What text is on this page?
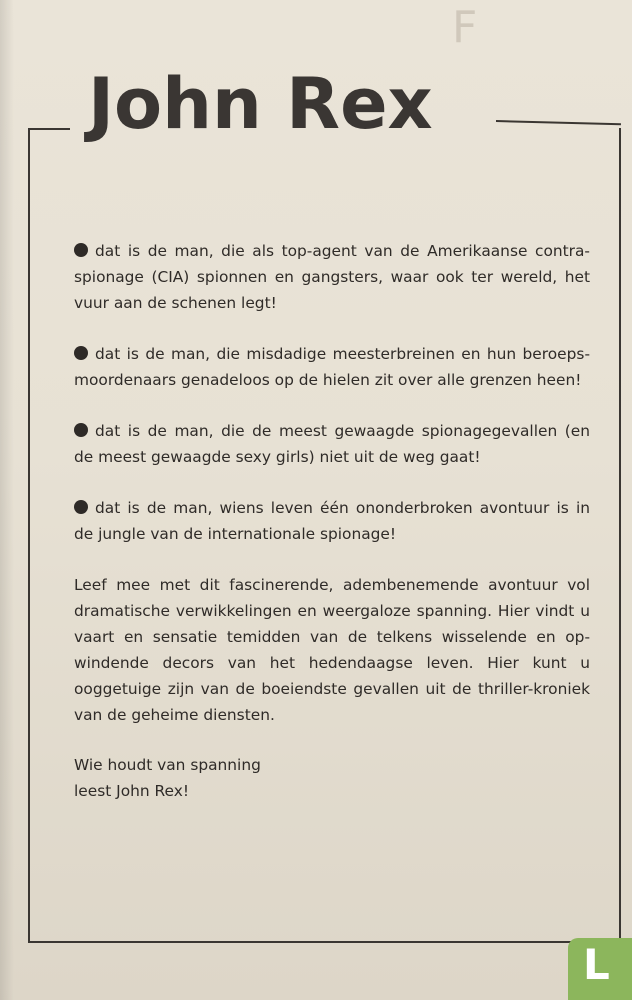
F
John Rex

dat is de man, die als top-agent van de Amerikaanse contra-spionage (CIA) spionnen en gangsters, waar ook ter wereld, het vuur aan de schenen legt!

dat is de man, die misdadige meesterbreinen en hun beroeps-moordenaars genadeloos op de hielen zit over alle grenzen heen!

dat is de man, die de meest gewaagde spionagegevallen (en de meest gewaagde sexy girls) niet uit de weg gaat!

dat is de man, wiens leven één ononderbroken avontuur is in de jungle van de internationale spionage!

Leef mee met dit fascinerende, adembenemende avontuur vol dramatische verwikkelingen en weergaloze spanning. Hier vindt u vaart en sensatie temidden van de telkens wisselende en op-windende decors van het hedendaagse leven. Hier kunt u ooggetuige zijn van de boeiendste gevallen uit de thriller-kroniek van de geheime diensten.

Wie houdt van spanning
leest John Rex!

L
